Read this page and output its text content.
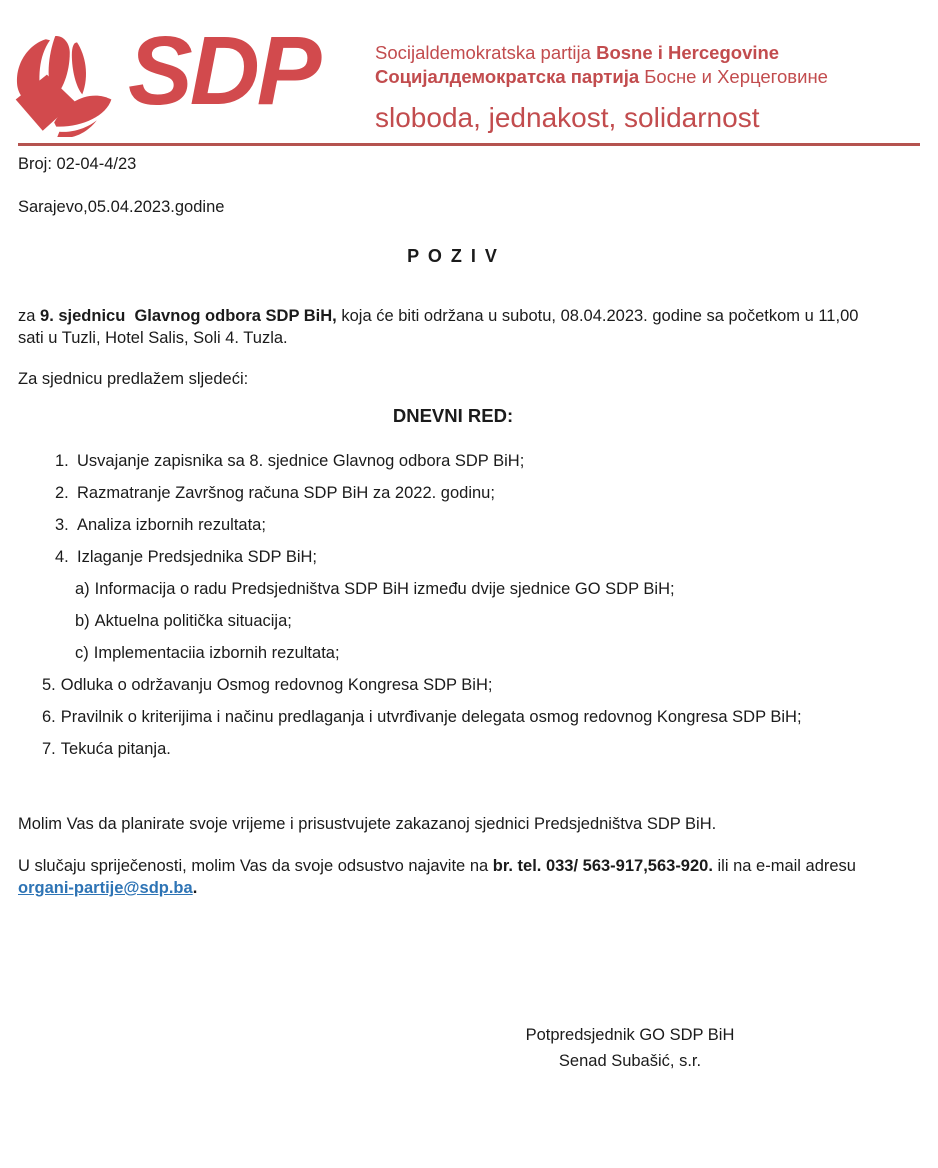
SDP	Socijaldemokratska partija Bosne i Hercegovine
Социјалдемократска партија Босне и Херцеговине
sloboda, jednakost, solidarnost
Broj: 02-04-4/23
Sarajevo,05.04.2023.godine
P O Z I V

za 9. sjednicu  Glavnog odbora SDP BiH, koja će biti održana u subotu, 08.04.2023. godine sa početkom u 11,00 sati u Tuzli, Hotel Salis, Soli 4. Tuzla.

Za sjednicu predlažem sljedeći:

DNEVNI RED:
1. Usvajanje zapisnika sa 8. sjednice Glavnog odbora SDP BiH;
2. Razmatranje Završnog računa SDP BiH za 2022. godinu;
3. Analiza izbornih rezultata;
4. Izlaganje Predsjednika SDP BiH;
a) Informacija o radu Predsjedništva SDP BiH između dvije sjednice GO SDP BiH;
b) Aktuelna politička situacija;
c) Implementaciia izbornih rezultata;
5. Odluka o održavanju Osmog redovnog Kongresa SDP BiH;
6. Pravilnik o kriterijima i načinu predlaganja i utvrđivanje delegata osmog redovnog Kongresa SDP BiH;
7. Tekuća pitanja.

Molim Vas da planirate svoje vrijeme i prisustvujete zakazanoj sjednici Predsjedništva SDP BiH.

U slučaju spriječenosti, molim Vas da svoje odsustvo najavite na br. tel. 033/ 563-917,563-920. ili na e-mail adresu organi-partije@sdp.ba.

Potpredsjednik GO SDP BiH
Senad Subašić, s.r.
